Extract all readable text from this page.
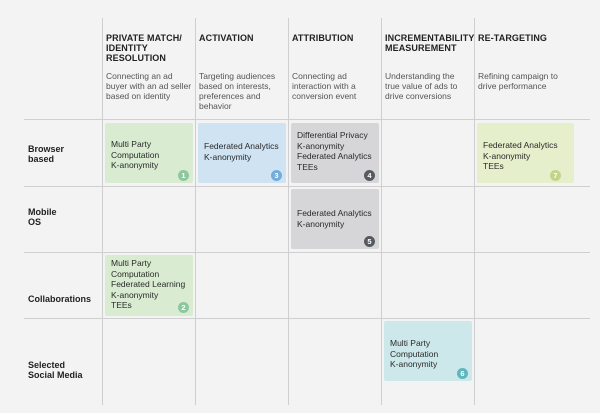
PRIVATE MATCH/
IDENTITY
RESOLUTION
Connecting an ad
buyer with an ad seller
based on identity
ACTIVATION
Targeting audiences
based on interests,
preferences and
behavior
ATTRIBUTION
Connecting ad
interaction with a
conversion event
INCREMENTABILITY
MEASUREMENT
Understanding the
true value of ads to
drive conversions
RE-TARGETING
Refining campaign to
drive performance
Browser
based
Mobile
OS
Collaborations
Selected
Social Media
Multi Party
Computation
K-anonymity
1
Multi Party
Computation
Federated Learning
K-anonymity
TEEs	2
Federated Analytics
K-anonymity
3
Differential Privacy
K-anonymity
Federated Analytics
TEEs
4
Federated Analytics
K-anonymity
5
Multi Party
Computation
K-anonymity
6
Federated Analytics
K-anonymity
TEEs
7
